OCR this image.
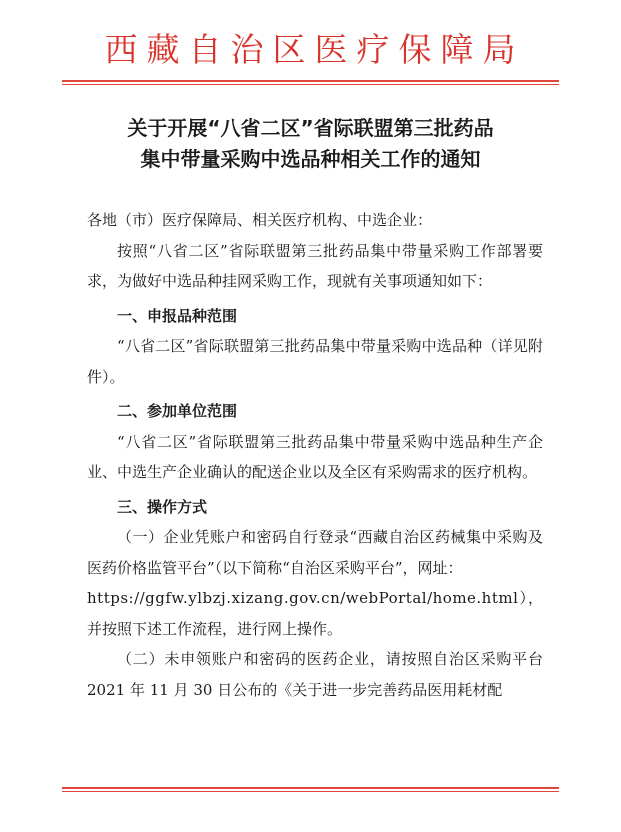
西藏自治区医疗保障局
关于开展“八省二区”省际联盟第三批药品
集中带量采购中选品种相关工作的通知

各地（市）医疗保障局、相关医疗机构、中选企业：

按照“八省二区”省际联盟第三批药品集中带量采购工作部署要求，为做好中选品种挂网采购工作，现就有关事项通知如下：

一、申报品种范围

“八省二区”省际联盟第三批药品集中带量采购中选品种（详见附件）。

二、参加单位范围

“八省二区”省际联盟第三批药品集中带量采购中选品种生产企业、中选生产企业确认的配送企业以及全区有采购需求的医疗机构。

三、操作方式

（一）企业凭账户和密码自行登录“西藏自治区药械集中采购及医药价格监管平台”（以下简称“自治区采购平台”，网址：
https://ggfw.ylbzj.xizang.gov.cn/webPortal/home.html），并按照下述工作流程，进行网上操作。

（二）未申领账户和密码的医药企业，请按照自治区采购平台 2021 年 11 月 30 日公布的《关于进一步完善药品医用耗材配
